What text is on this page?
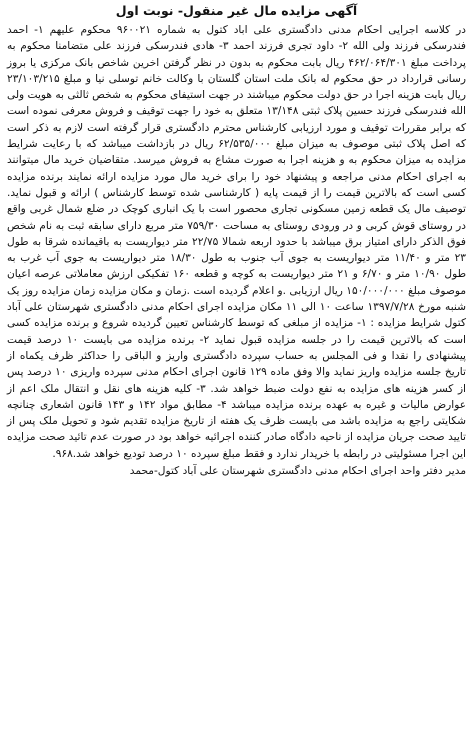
آگهی مزایده مال غیر منقول- نوبت اول

در کلاسه اجرایی احکام مدنی دادگستری علی اباد کتول به شماره ۹۶۰۰۲۱ محکوم علیهم ۱- احمد فندرسکی فرزند ولی الله ۲- داود تجری فرزند احمد ۳- هادی فندرسکی فرزند علی متضامنا محکوم به پرداخت مبلغ ۴۶۲/۰۶۴/۳۰۱ ریال بابت محکوم به بدون در نظر گرفتن اخرین شاخص بانک مرکزی یا بروز رسانی قرارداد در حق محکوم له بانک ملت استان گلستان با وکالت خانم توسلی نیا و مبلغ ۲۳/۱۰۳/۲۱۵ ریال بابت هزینه اجرا در حق دولت محکوم میباشند در جهت استیفای محکوم به شخص ثالثی به هویت ولی الله فندرسکی فرزند حسین پلاک ثبتی ۱۳/۱۴۸ متعلق به خود را جهت توقیف و فروش معرفی نموده است که برابر مقررات توقیف و مورد ارزیابی کارشناس محترم دادگستری قرار گرفته است لازم به ذکر است که اصل پلاک ثبتی موصوف به میزان مبلغ ۶۲/۵۳۵/۰۰۰ ریال در بازداشت میباشد که با رعایت شرایط مزایده به میزان محکوم به و هزینه اجرا به صورت مشاع به فروش میرسد. متقاضیان خرید مال میتوانند به اجرای احکام مدنی مراجعه و پیشنهاد خود را برای خرید مال مورد مزایده ارائه نمایند برنده مزایده کسی است که بالاترین قیمت را از قیمت پایه ( کارشناسی شده توسط کارشناس ) ارائه و قبول نماید. توصیف مال یک قطعه زمین مسکونی تجاری محصور است با یک انباری کوچک در ضلع شمال غربی واقع در روستای قوش کربی و در ورودی روستای به مساحت ۷۵۹/۳۰ متر مربع دارای سابقه ثبت به نام شخص فوق الذکر دارای امتیاز برق میباشد با حدود اربعه شمالا ۲۲/۷۵ متر دیواریست به باقیمانده شرقا به طول ۲۳ متر و ۱۱/۴۰ متر دیواریست به جوی آب جنوب به طول ۱۸/۳۰ متر دیواریست به جوی آب غرب به طول ۱۰/۹۰ متر و ۶/۷۰ و ۲۱ متر دیواریست به کوچه و قطعه ۱۶۰ تفکیکی ارزش معاملاتی عرصه اعیان موصوف مبلغ ۱۵۰/۰۰۰/۰۰۰ ریال ارزیابی .و اعلام گردیده است .زمان و مکان مزایده زمان مزایده روز یک شنبه مورخ ۱۳۹۷/۷/۲۸ ساعت ۱۰ الی ۱۱ مکان مزایده اجرای احکام مدنی دادگستری شهرستان علی آباد کتول شرایط مزایده : ۱- مزایده از مبلغی که توسط کارشناس تعیین گردیده شروع و برنده مزایده کسی است که بالاترین قیمت را در جلسه مزایده قبول نماید ۲- برنده مزایده می بایست ۱۰ درصد قیمت پیشنهادی را نقدا و فی المجلس به حساب سپرده دادگستری واریز و الباقی را حداکثر ظرف یکماه از تاریخ جلسه مزایده واریز نماید والا وفق ماده ۱۲۹ قانون اجرای احکام مدنی سپرده واریزی ۱۰ درصد پس از کسر هزینه های مزایده به نفع دولت ضبط خواهد شد. ۳- کلیه هزینه های نقل و انتقال ملک اعم از عوارض مالیات و غیره به عهده برنده مزایده میباشد ۴- مطابق مواد ۱۴۲ و ۱۴۳ قانون اشعاری چنانچه شکایتی راجع به مزایده باشد می بایست ظرف یک هفته از تاریخ مزایده تقدیم شود و تحویل ملک پس از تایید صحت جریان مزایده از ناحیه دادگاه صادر کننده اجرائیه خواهد بود در صورت عدم تائید صحت مزایده این اجرا مسئولیتی در رابطه با خریدار ندارد و فقط مبلغ سپرده ۱۰ درصد تودیع خواهد شد.۹۶۸.

مدیر دفتر واحد اجرای احکام مدنی دادگستری شهرستان علی آباد کتول-محمد
